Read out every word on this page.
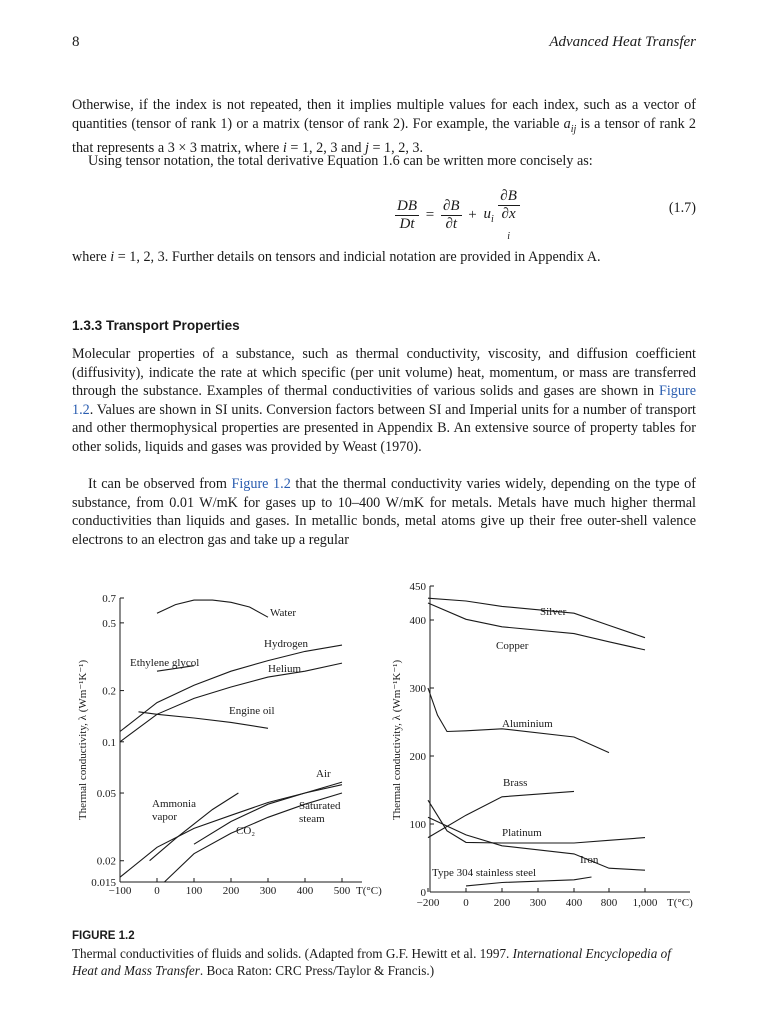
8	Advanced Heat Transfer
Otherwise, if the index is not repeated, then it implies multiple values for each index, such as a vector of quantities (tensor of rank 1) or a matrix (tensor of rank 2). For example, the variable $a_{ij}$ is a tensor of rank 2 that represents a 3 × 3 matrix, where i = 1, 2, 3 and j = 1, 2, 3.
Using tensor notation, the total derivative Equation 1.6 can be written more concisely as:
$\frac{DB}{Dt} = \frac{\partial B}{\partial t} + u_i$ ∂B
∂x
$_i$	(1.7)
where i = 1, 2, 3. Further details on tensors and indicial notation are provided in Appendix A.
1.3.3 Transport Properties
Molecular properties of a substance, such as thermal conductivity, viscosity, and diffusion coefficient (diffusivity), indicate the rate at which specific (per unit volume) heat, momentum, or mass are transferred through the substance. Examples of thermal conductivities of various solids and gases are shown in Figure 1.2. Values are shown in SI units. Conversion factors between SI and Imperial units for a number of transport and other thermophysical properties are presented in Appendix B. An extensive source of property tables for other solids, liquids and gases was provided by Weast (1970).
It can be observed from Figure 1.2 that the thermal conductivity varies widely, depending on the type of substance, from 0.01 W/mK for gases up to 10–400 W/mK for metals. Metals have much higher thermal conductivities than liquids and gases. In metallic bonds, metal atoms give up their free outer-shell valence electrons to an electron gas and take up a regular
0.7
0.5
0.2
0.1
0.05
0.02
0.015
−100 0 100 200 300 400 500 T(°C)
Thermal conductivity, λ (Wm⁻¹K⁻¹)
Water
Hydrogen
Helium
Ethylene glycol
Engine oil
Air
Ammonia vapor
Saturated steam
CO₂
450
400
300
200
100
0
−200 0 200 300 400 800 1,000 T(°C)
Thermal conductivity, λ (Wm⁻¹K⁻¹)
Silver
Copper
Aluminium
Brass
Platinum
Iron
Type 304 stainless steel
FIGURE 1.2
Thermal conductivities of fluids and solids. (Adapted from G.F. Hewitt et al. 1997. International Encyclopedia of Heat and Mass Transfer. Boca Raton: CRC Press/Taylor & Francis.)
